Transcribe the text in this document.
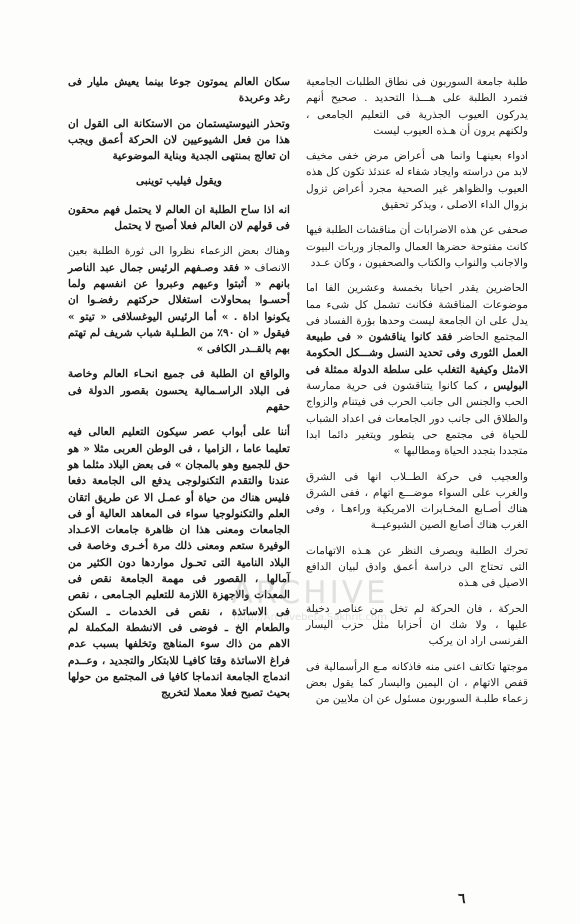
طلبة جامعة السوربون فى نطاق الطلبات الجامعية فتمرد الطلبة على هـــذا التحديد . صحيح أنهم يدركون العيوب الجذرية فى التعليم الجامعى ، ولكنهم يرون أن هـذه العيوب ليست

ادواء بعينهـا وانما هى أعراض مرض خفى مخيف لابد من دراسته وايجاد شفاء له عندئذ تكون كل هذه العيوب والظواهر غير الصحية مجرد أعراض تزول بزوال الداء الاصلى ، ويذكر تحقيق

صحفى عن هذه الاضرابات أن مناقشات الطلبة فيها كانت مفتوحة حضرها العمال والمجاز وربات البيوت والاجانب والنواب والكتاب والصحفيون ، وكان عـدد

الحاضرين يقدر احيانا بخمسة وعشرين الفا اما موضوعات المناقشة فكانت تشمل كل شىء مما يدل على ان الجامعة ليست وحدها بؤرة الفساد فى المجتمع الحاضر فقد كانوا يناقشون « فى طبيعة العمل الثورى وفى تحديد النسل وشـــكل الحكومة الامثل وكيفية التغلب على سلطة الدولة ممثلة فى البوليس ، كما كانوا يتناقشون فى حرية ممارسة الحب والجنس الى جانب الحرب فى فيتنام والزواج والطلاق الى جانب دور الجامعات فى اعداد الشباب للحياة فى مجتمع حى يتطور ويتغير دائما ابدا متجددا بتجدد الحياة ومطالبها »

والعجيب فى حركة الطــلاب انها فى الشرق والغرب على السواء موضـــع اتهام ، ففى الشرق هناك أصـابع المخـابرات الامريكية وراءهـا ، وفى الغرب هناك أصابع الصين الشيوعيــة

تحرك الطلبة ويصرف النظر عن هـذه الاتهامات التى تحتاج الى دراسة أعمق وادق لبيان الدافع الاصيل فى هـذه

الحركة ، فان الحركة لم تخل من عناصر دخيلة عليها ، ولا شك ان أحزابا مثل حزب اليسار الفرنسى اراد ان يركب

موجتها تكاتف اعنى منه فاذكانه مـع الرأسمالية فى قفص الاتهام ، ان اليمين واليسار كما يقول بعض زعماء طلبـة السوربون مسئول عن ان ملايين من

سكان العالم يموتون جوعا بينما يعيش مليار فى رغد وعربدة

وتحذر النيوستيستمان من الاستكانة الى القول ان هذا من فعل الشيوعيين لان الحركة أعمق ويجب ان تعالج بمنتهى الجدية وبناية الموضوعية

ويقول فيليب توينبى

انه اذا ساح الطلبة ان العالم لا يحتمل فهم محقون فى قولهم لان العالم فعلا أصبح لا يحتمل

وهناك بعض الزعماء نظروا الى ثورة الطلبة بعين الانصاف « فقد وصـفهم الرئيس جمال عبد الناصر بانهم « أثبتوا وعيهم وعبروا عن انفسهم ولما أحسـوا بمحاولات استغلال حركتهم رفضـوا ان يكونوا اداة . » أما الرئيس اليوغسلافى « تيتو » فيقول « ان ٩٠٪ من الطـلبة شباب شريف لم تهتم بهم بالقــدر الكافى »

والواقع ان الطلبة فى جميع انحـاء العالم وخاصة فى البلاد الراسـمالية يحسون بقصور الدولة فى حقهم

أننا على أبواب عصر سيكون التعليم العالى فيه تعليما عاما ، الزاميا ، فى الوطن العربى مثلا « هو حق للجميع وهو بالمجان » فى بعض البلاد مثلما هو عندنا والتقدم التكنولوجى يدفع الى الجامعة دفعا فليس هناك من حياة أو عمـل الا عن طريق اتقان العلم والتكنولوجيا سواء فى المعاهد العالية أو فى الجامعات ومعنى هذا ان ظاهرة جامعات الاعـداد الوفيرة ستعم ومعنى ذلك مرة أخـرى وخاصة فى البلاد النامية التى تحـول مواردها دون الكثير من آمالها ، القصور فى مهمة الجامعة نقص فى المعدات والاجهزة اللازمة للتعليم الجـامعى ، نقص فى الاساتذة ، نقص فى الخدمات ـ السكن والطعام الخ ـ فوضى فى الانشطة المكملة لم الاهم من ذاك سوء المناهج وتخلفها بسبب عدم فراغ الاساتذة وقتا كافيـا للابتكار والتجديد ، وعــدم اندماج الجامعة اندماجا كافيا فى المجتمع من حولها بحيث تصبح فعلا معملا لتخريج

ARCHIVE
http://Archivebeta.Sakhrit.com
٦
